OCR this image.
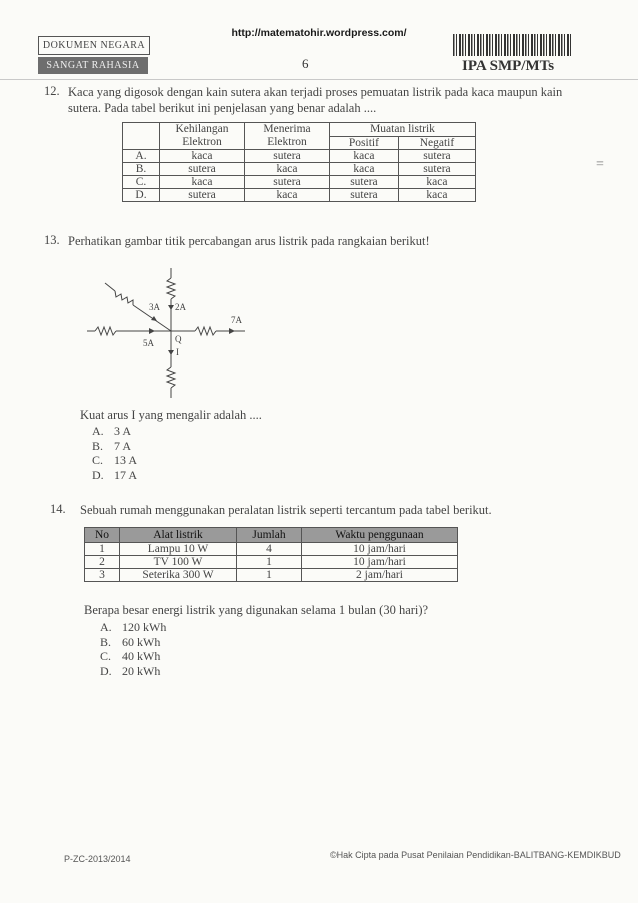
http://matematohir.wordpress.com/
DOKUMEN NEGARA
SANGAT RAHASIA	6	IPA SMP/MTs
12. Kaca yang digosok dengan kain sutera akan terjadi proses pemuatan listrik pada kaca maupun kain sutera. Pada tabel berikut ini penjelasan yang benar adalah ....
	Kehilangan Elektron	Menerima Elektron	Muatan listrik	
			Positif	Negatif
A.	kaca	sutera	kaca	sutera
B.	sutera	kaca	kaca	sutera
C.	kaca	sutera	sutera	kaca
D.	sutera	kaca	sutera	kaca
=
13. Perhatikan gambar titik percabangan arus listrik pada rangkaian berikut!
3A 2A
7A
5A Q
I
Kuat arus I yang mengalir adalah ....
A. 3 A
B. 7 A
C. 13 A
D. 17 A
14. Sebuah rumah menggunakan peralatan listrik seperti tercantum pada tabel berikut.
No	Alat listrik	Jumlah	Waktu penggunaan
1	Lampu 10 W	4	10 jam/hari
2	TV 100 W	1	10 jam/hari
3	Seterika 300 W	1	2 jam/hari
Berapa besar energi listrik yang digunakan selama 1 bulan (30 hari)?
A. 120 kWh
B. 60 kWh
C. 40 kWh
D. 20 kWh
P-ZC-2013/2014	©Hak Cipta pada Pusat Penilaian Pendidikan-BALITBANG-KEMDIKBUD
